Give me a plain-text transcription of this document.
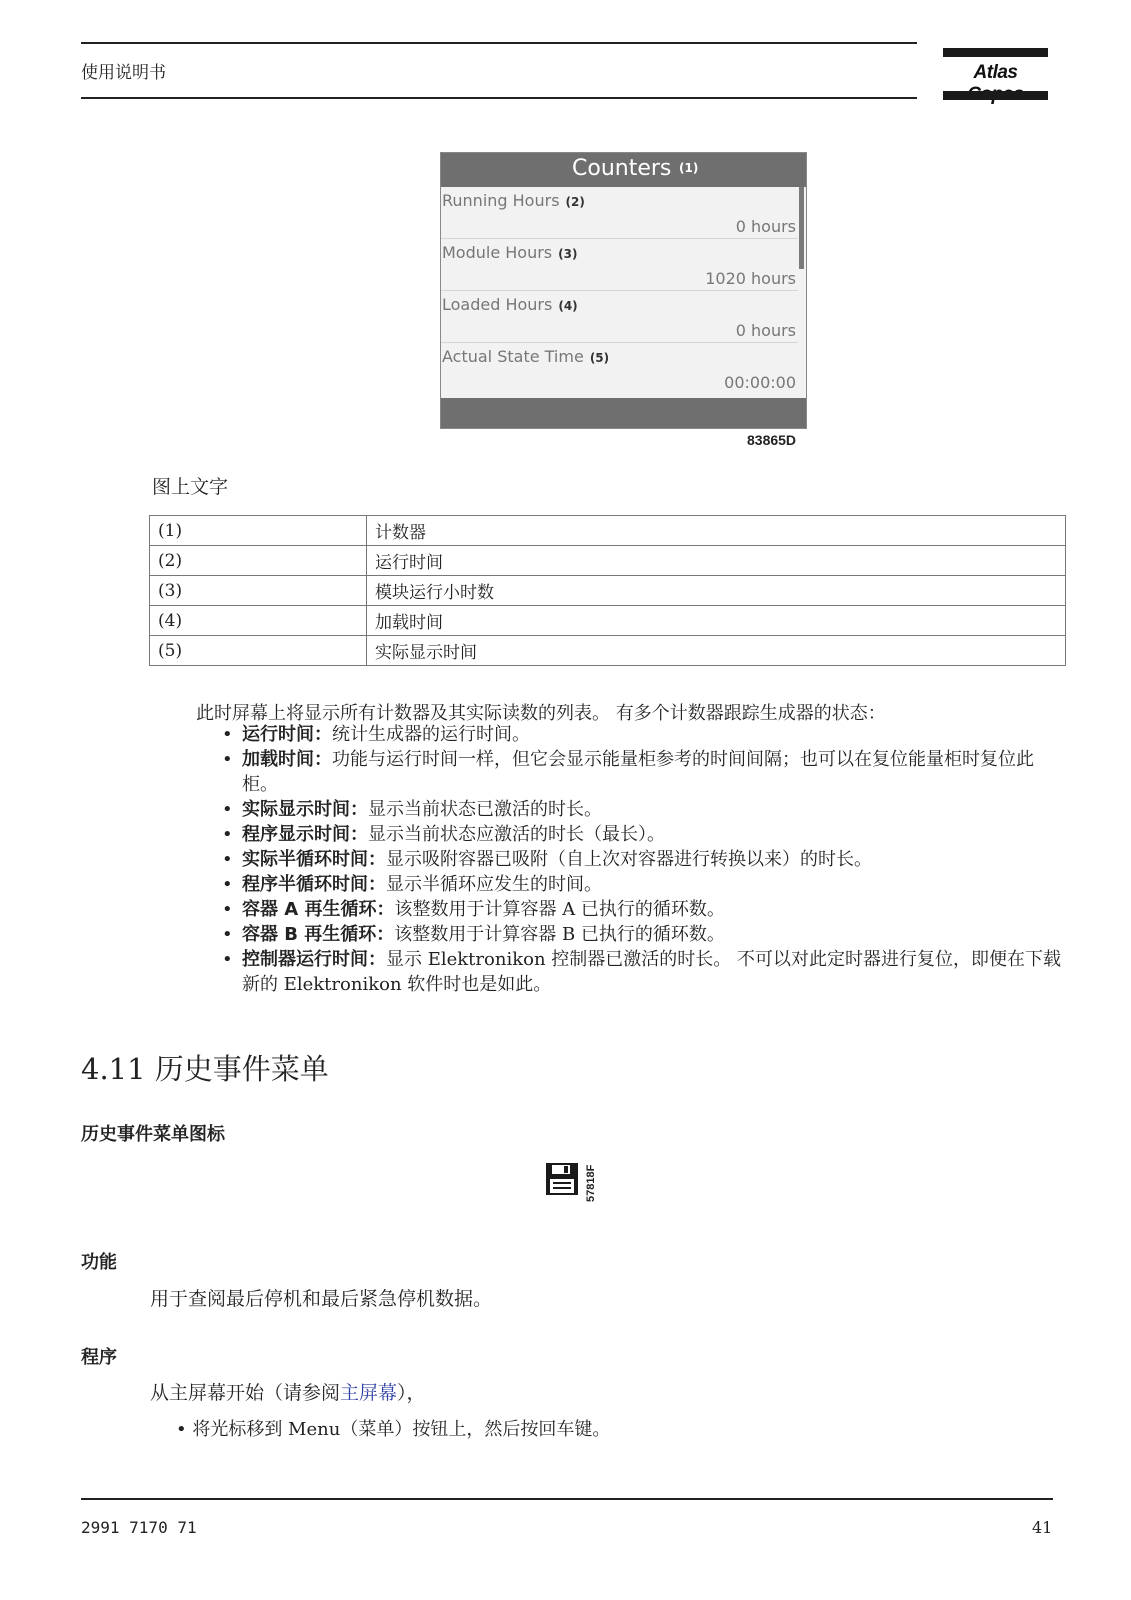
使用说明书	Atlas
Counters (1)
Running Hours (2)
0 hours
Module Hours (3)
1020 hours
Loaded Hours (4)
0 hours
Actual State Time (5)
00:00:00
83865D
图上文字
(1)	计数器
(2)	运行时间
(3)	模块运行小时数
(4)	加载时间
(5)	实际显示时间
此时屏幕上将显示所有计数器及其实际读数的列表。 有多个计数器跟踪生成器的状态：
• 运行时间：统计生成器的运行时间。
• 加载时间：功能与运行时间一样，但它会显示能量柜参考的时间间隔；也可以在复位能量柜时复位此柜。
• 实际显示时间：显示当前状态已激活的时长。
• 程序显示时间：显示当前状态应激活的时长（最长）。
• 实际半循环时间：显示吸附容器已吸附（自上次对容器进行转换以来）的时长。
• 程序半循环时间：显示半循环应发生的时间。
• 容器 A 再生循环：该整数用于计算容器 A 已执行的循环数。
• 容器 B 再生循环：该整数用于计算容器 B 已执行的循环数。
• 控制器运行时间：显示 Elektronikon 控制器已激活的时长。 不可以对此定时器进行复位，即便在下载新的 Elektronikon 软件时也是如此。
4.11 历史事件菜单
历史事件菜单图标
57818F
功能
用于查阅最后停机和最后紧急停机数据。
程序
从主屏幕开始（请参阅主屏幕），
• 将光标移到 Menu（菜单）按钮上，然后按回车键。
2991 7170 71	41
